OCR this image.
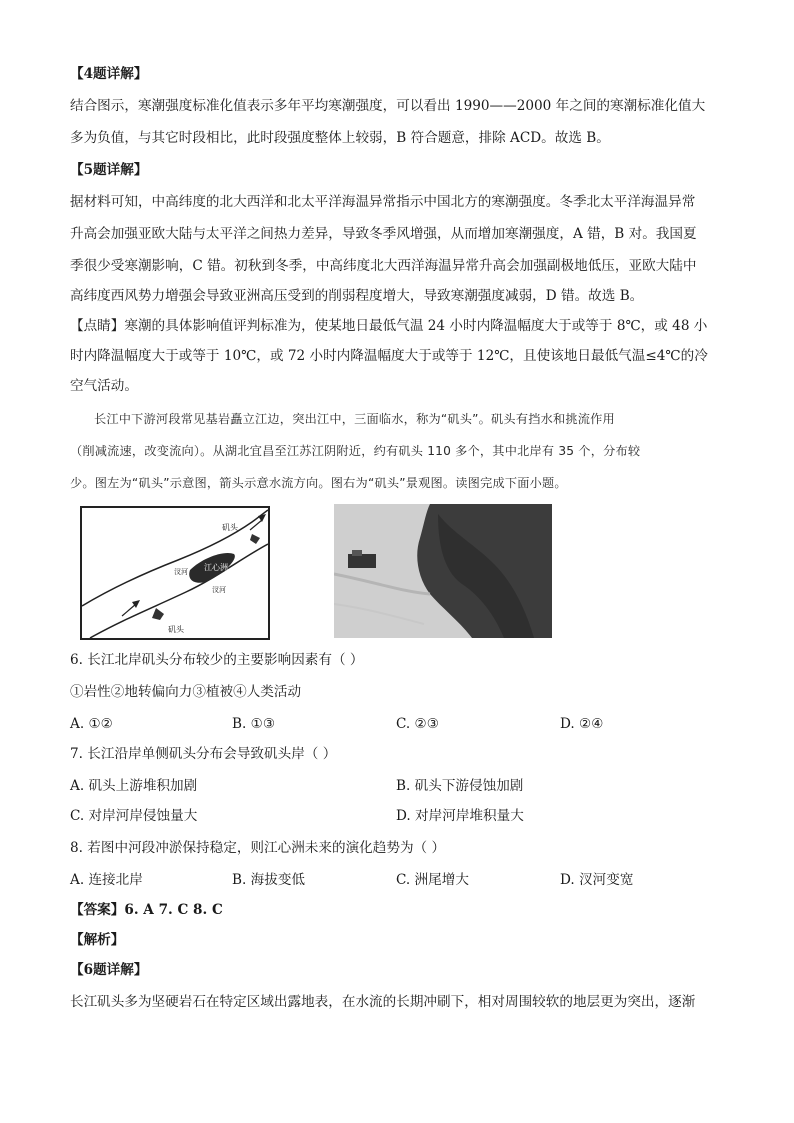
【4题详解】
结合图示，寒潮强度标准化值表示多年平均寒潮强度，可以看出 1990——2000 年之间的寒潮标准化值大
多为负值，与其它时段相比，此时段强度整体上较弱，B 符合题意，排除 ACD。故选 B。
【5题详解】
据材料可知，中高纬度的北大西洋和北太平洋海温异常指示中国北方的寒潮强度。冬季北太平洋海温异常
升高会加强亚欧大陆与太平洋之间热力差异，导致冬季风增强，从而增加寒潮强度，A 错，B 对。我国夏
季很少受寒潮影响，C 错。初秋到冬季，中高纬度北大西洋海温异常升高会加强副极地低压，亚欧大陆中
高纬度西风势力增强会导致亚洲高压受到的削弱程度增大，导致寒潮强度减弱，D 错。故选 B。
【点睛】寒潮的具体影响值评判标准为，使某地日最低气温 24 小时内降温幅度大于或等于 8℃，或 48 小
时内降温幅度大于或等于 10℃，或 72 小时内降温幅度大于或等于 12℃，且使该地日最低气温≤4℃的冷
空气活动。
长江中下游河段常见基岩矗立江边，突出江中，三面临水，称为“矶头”。矶头有挡水和挑流作用
（削减流速，改变流向）。从湖北宜昌至江苏江阴附近，约有矶头 110 多个，其中北岸有 35 个，分布较
少。图左为“矶头”示意图，箭头示意水流方向。图右为“矶头”景观图。读图完成下面小题。
江心洲
汊河
汊河
矶头
矶头
6. 长江北岸矶头分布较少的主要影响因素有（ ）
①岩性②地转偏向力③植被④人类活动
A. ①②	B. ①③	C. ②③	D. ②④
7. 长江沿岸单侧矶头分布会导致矶头岸（ ）
A. 矶头上游堆积加剧	B. 矶头下游侵蚀加剧
C. 对岸河岸侵蚀量大	D. 对岸河岸堆积量大
8. 若图中河段冲淤保持稳定，则江心洲未来的演化趋势为（ ）
A. 连接北岸	B. 海拔变低	C. 洲尾增大	D. 汊河变宽
【答案】6. A 7. C 8. C
【解析】
【6题详解】
长江矶头多为坚硬岩石在特定区域出露地表，在水流的长期冲刷下，相对周围较软的地层更为突出，逐渐
